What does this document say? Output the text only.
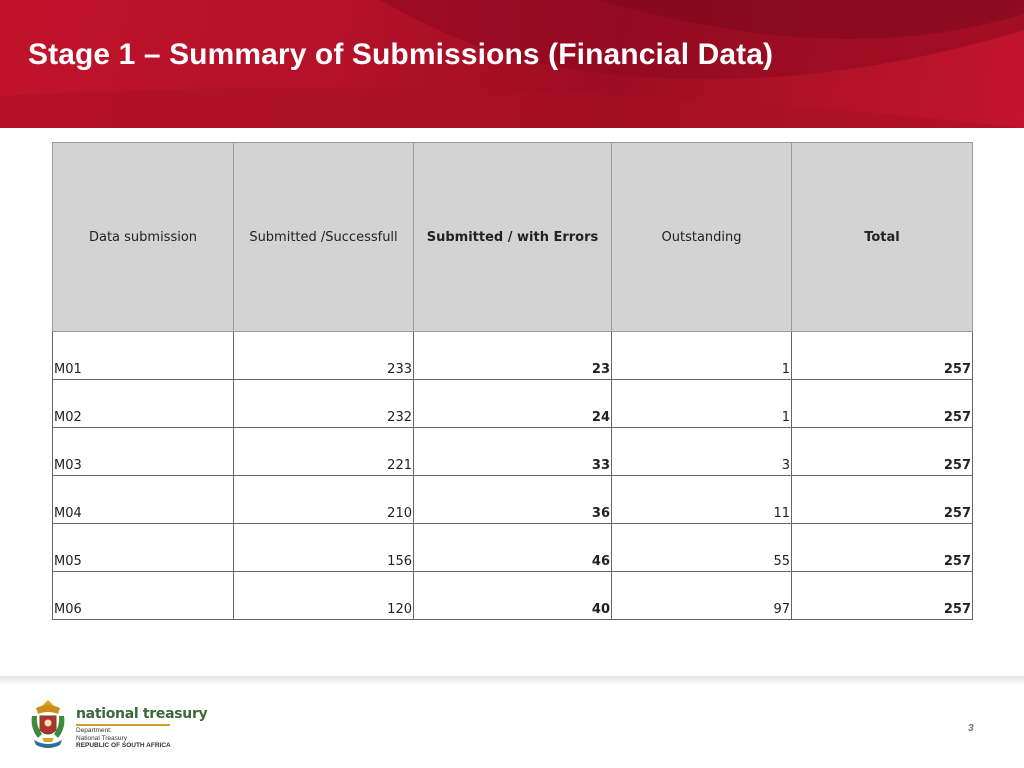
Stage 1 – Summary of Submissions (Financial Data)
Data submission	Submitted /Successfull	Submitted / with Errors	Outstanding	Total
M01	233	23	1	257
M02	232	24	1	257
M03	221	33	3	257
M04	210	36	11	257
M05	156	46	55	257
M06	120	40	97	257
national treasury
Department:
National Treasury
REPUBLIC OF SOUTH AFRICA
3
